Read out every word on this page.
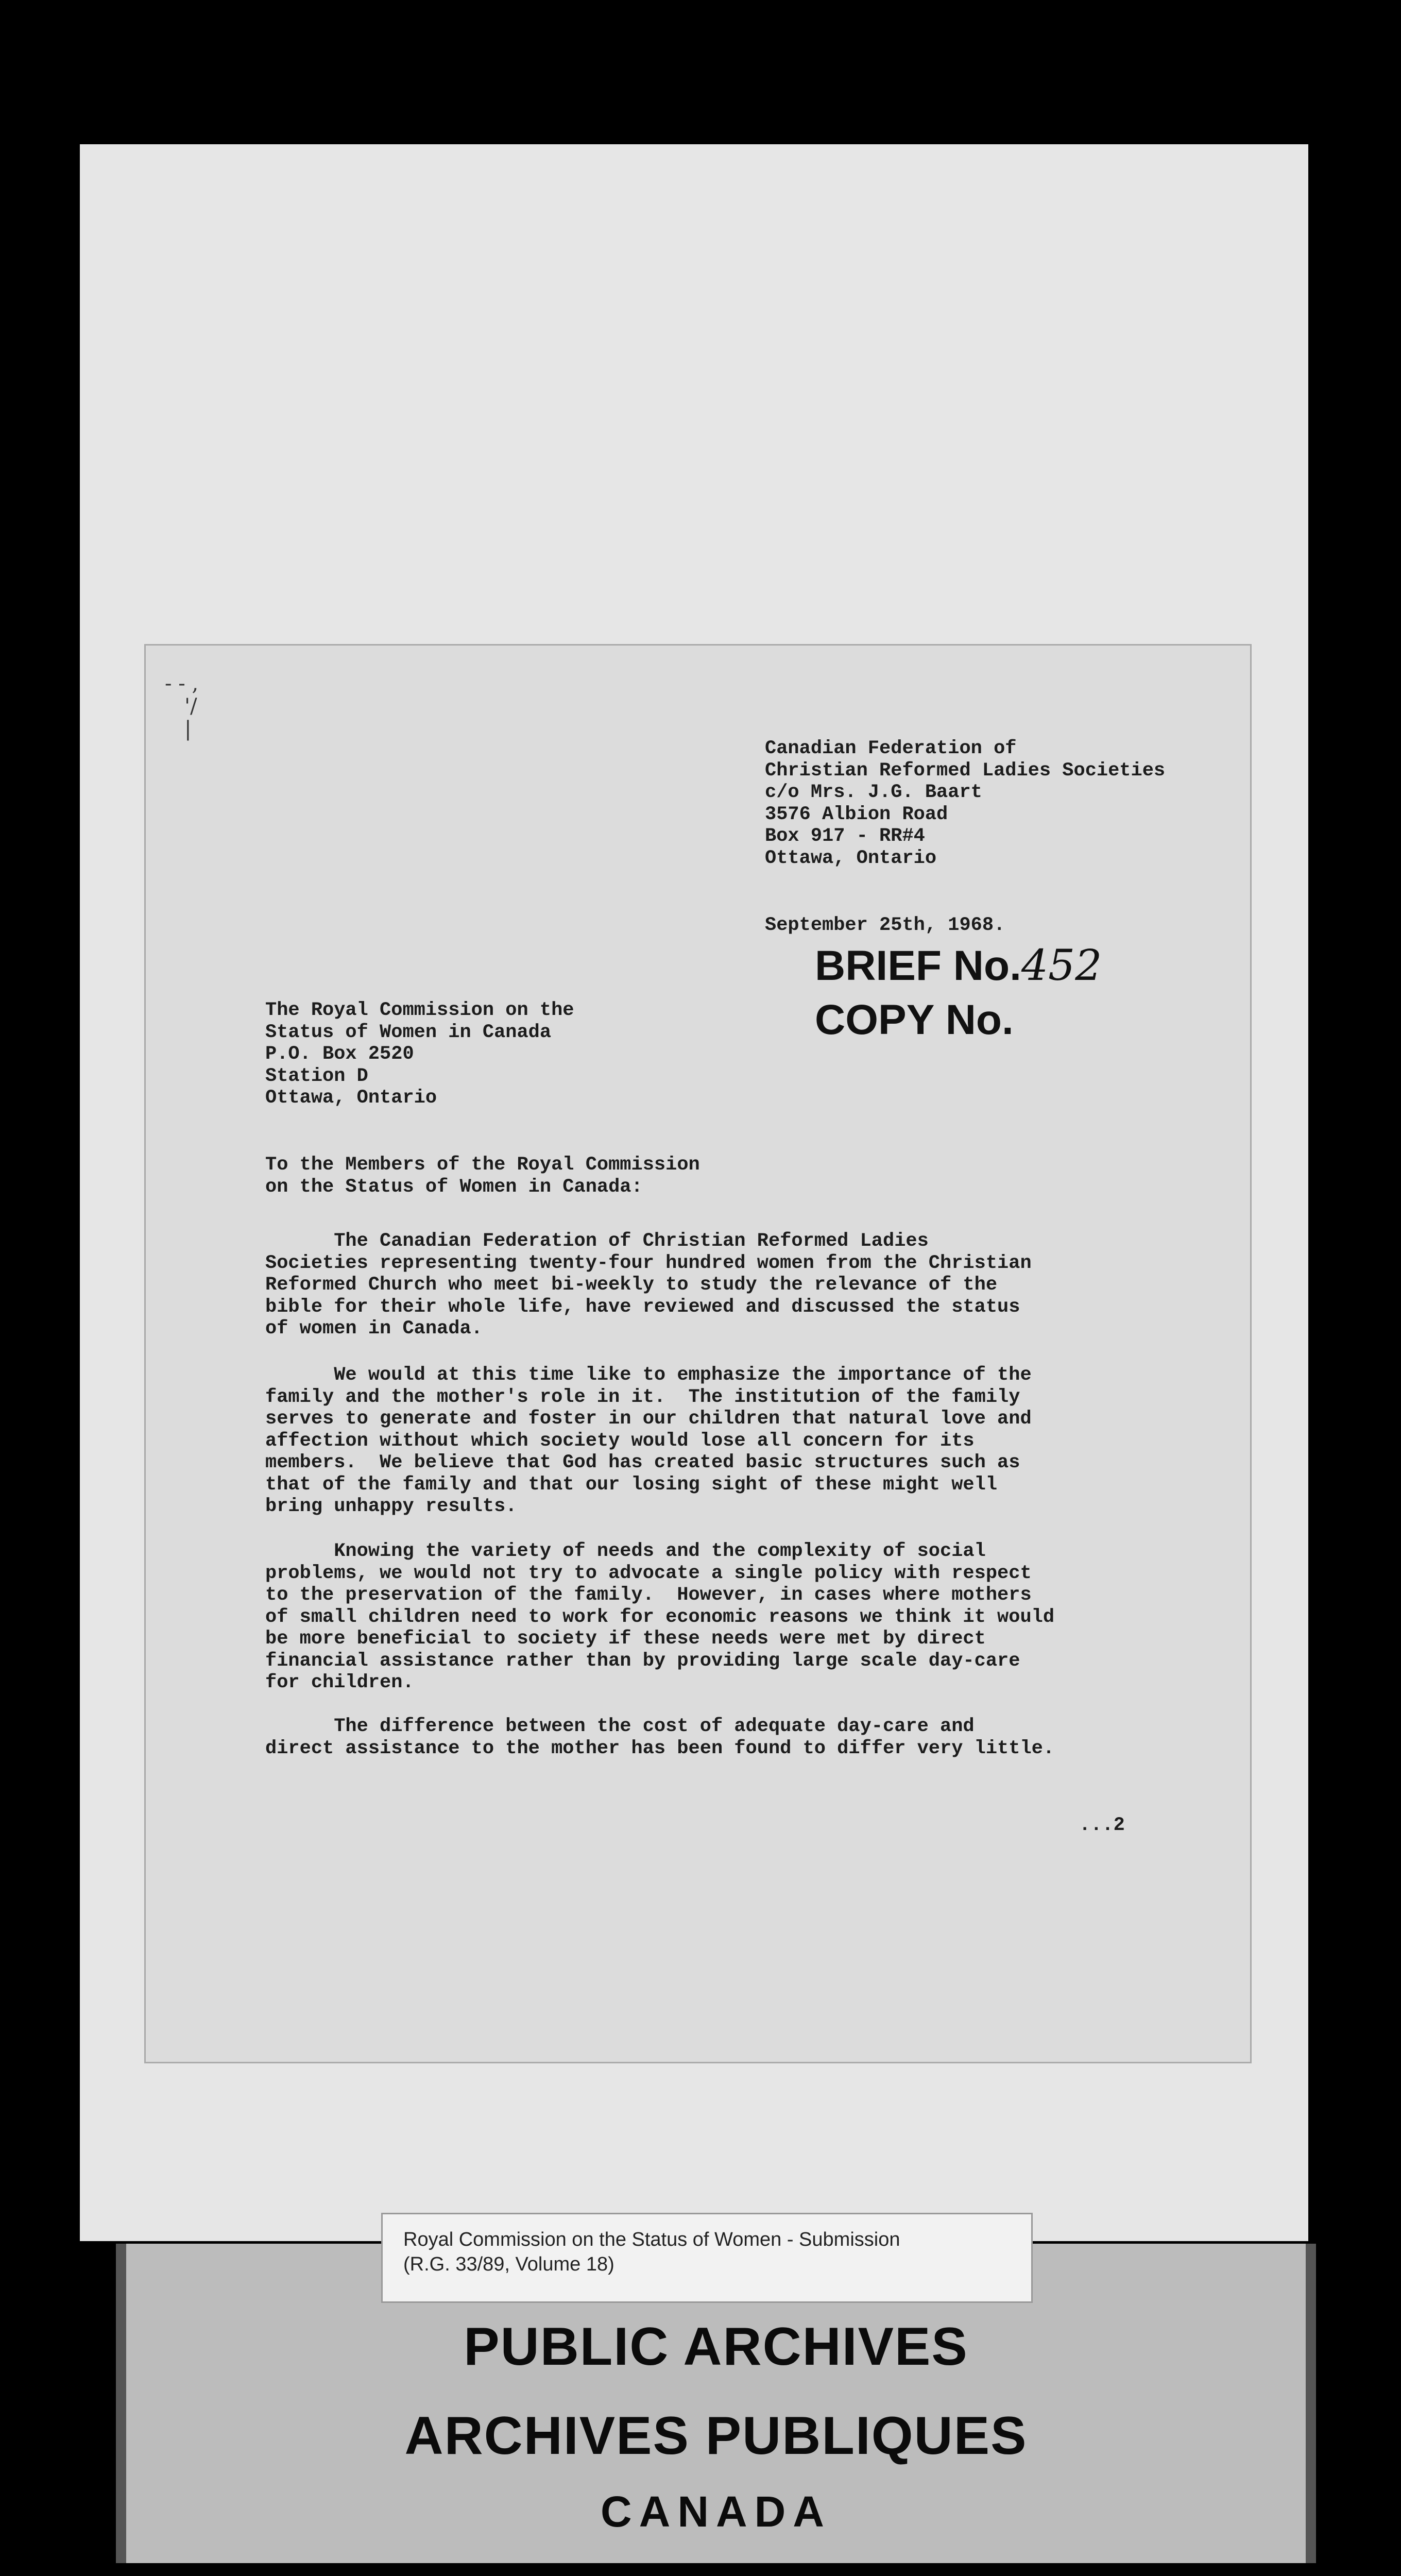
- - ,
'/
|
Canadian Federation of
Christian Reformed Ladies Societies
c/o Mrs. J.G. Baart
3576 Albion Road
Box 917 - RR#4
Ottawa, Ontario
September 25th, 1968.
BRIEF No.452
COPY No.
The Royal Commission on the
Status of Women in Canada
P.O. Box 2520
Station D
Ottawa, Ontario
To the Members of the Royal Commission
on the Status of Women in Canada:
The Canadian Federation of Christian Reformed Ladies
Societies representing twenty-four hundred women from the Christian
Reformed Church who meet bi-weekly to study the relevance of the
bible for their whole life, have reviewed and discussed the status
of women in Canada.
We would at this time like to emphasize the importance of the
family and the mother's role in it.  The institution of the family
serves to generate and foster in our children that natural love and
affection without which society would lose all concern for its
members.  We believe that God has created basic structures such as
that of the family and that our losing sight of these might well
bring unhappy results.
Knowing the variety of needs and the complexity of social
problems, we would not try to advocate a single policy with respect
to the preservation of the family.  However, in cases where mothers
of small children need to work for economic reasons we think it would
be more beneficial to society if these needs were met by direct
financial assistance rather than by providing large scale day-care
for children.
The difference between the cost of adequate day-care and
direct assistance to the mother has been found to differ very little.
...2
Royal Commission on the Status of Women - Submission
(R.G. 33/89, Volume 18)
PUBLIC ARCHIVES
ARCHIVES PUBLIQUES
CANADA
